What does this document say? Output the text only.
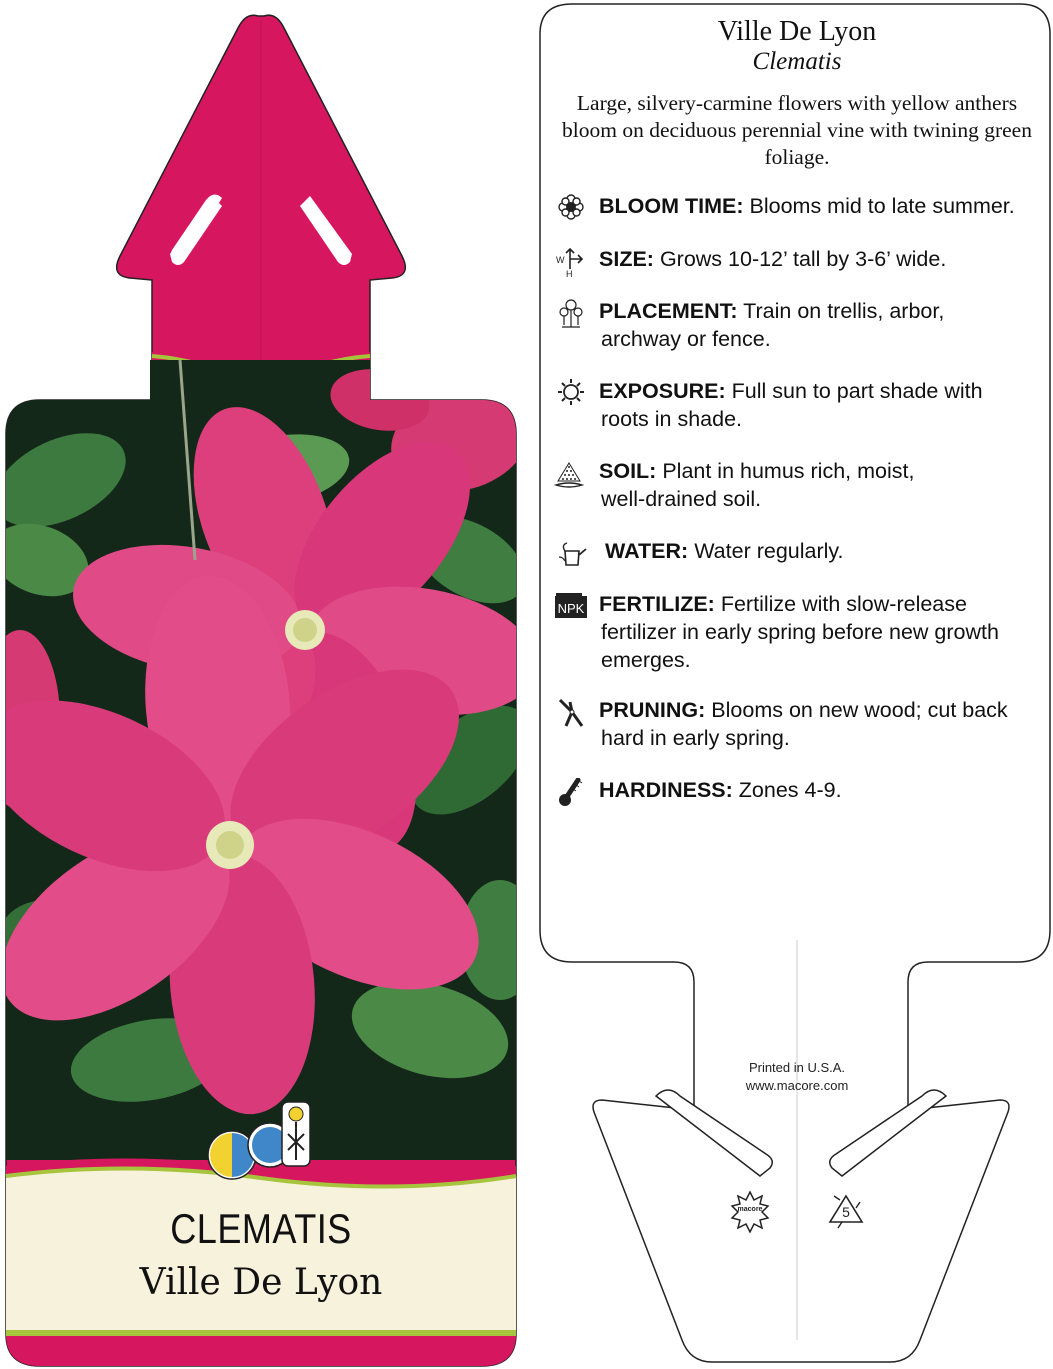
CLEMATIS
Ville De Lyon
Ville De Lyon
Clematis
Large, silvery-carmine flowers with yellow anthers bloom on deciduous perennial vine with twining green foliage.
BLOOM TIME: Blooms mid to late summer.
W
H
SIZE: Grows 10-12’ tall by 3-6’ wide.
PLACEMENT: Train on trellis, arbor,
archway or fence.
EXPOSURE: Full sun to part shade with
roots in shade.
SOIL: Plant in humus rich, moist,
well-drained soil.
WATER: Water regularly.
NPK FERTILIZE: Fertilize with slow-release
fertilizer in early spring before new growth emerges.
PRUNING: Blooms on new wood; cut back
hard in early spring.
HARDINESS: Zones 4-9.
Printed in U.S.A.
www.macore.com
macore	5
